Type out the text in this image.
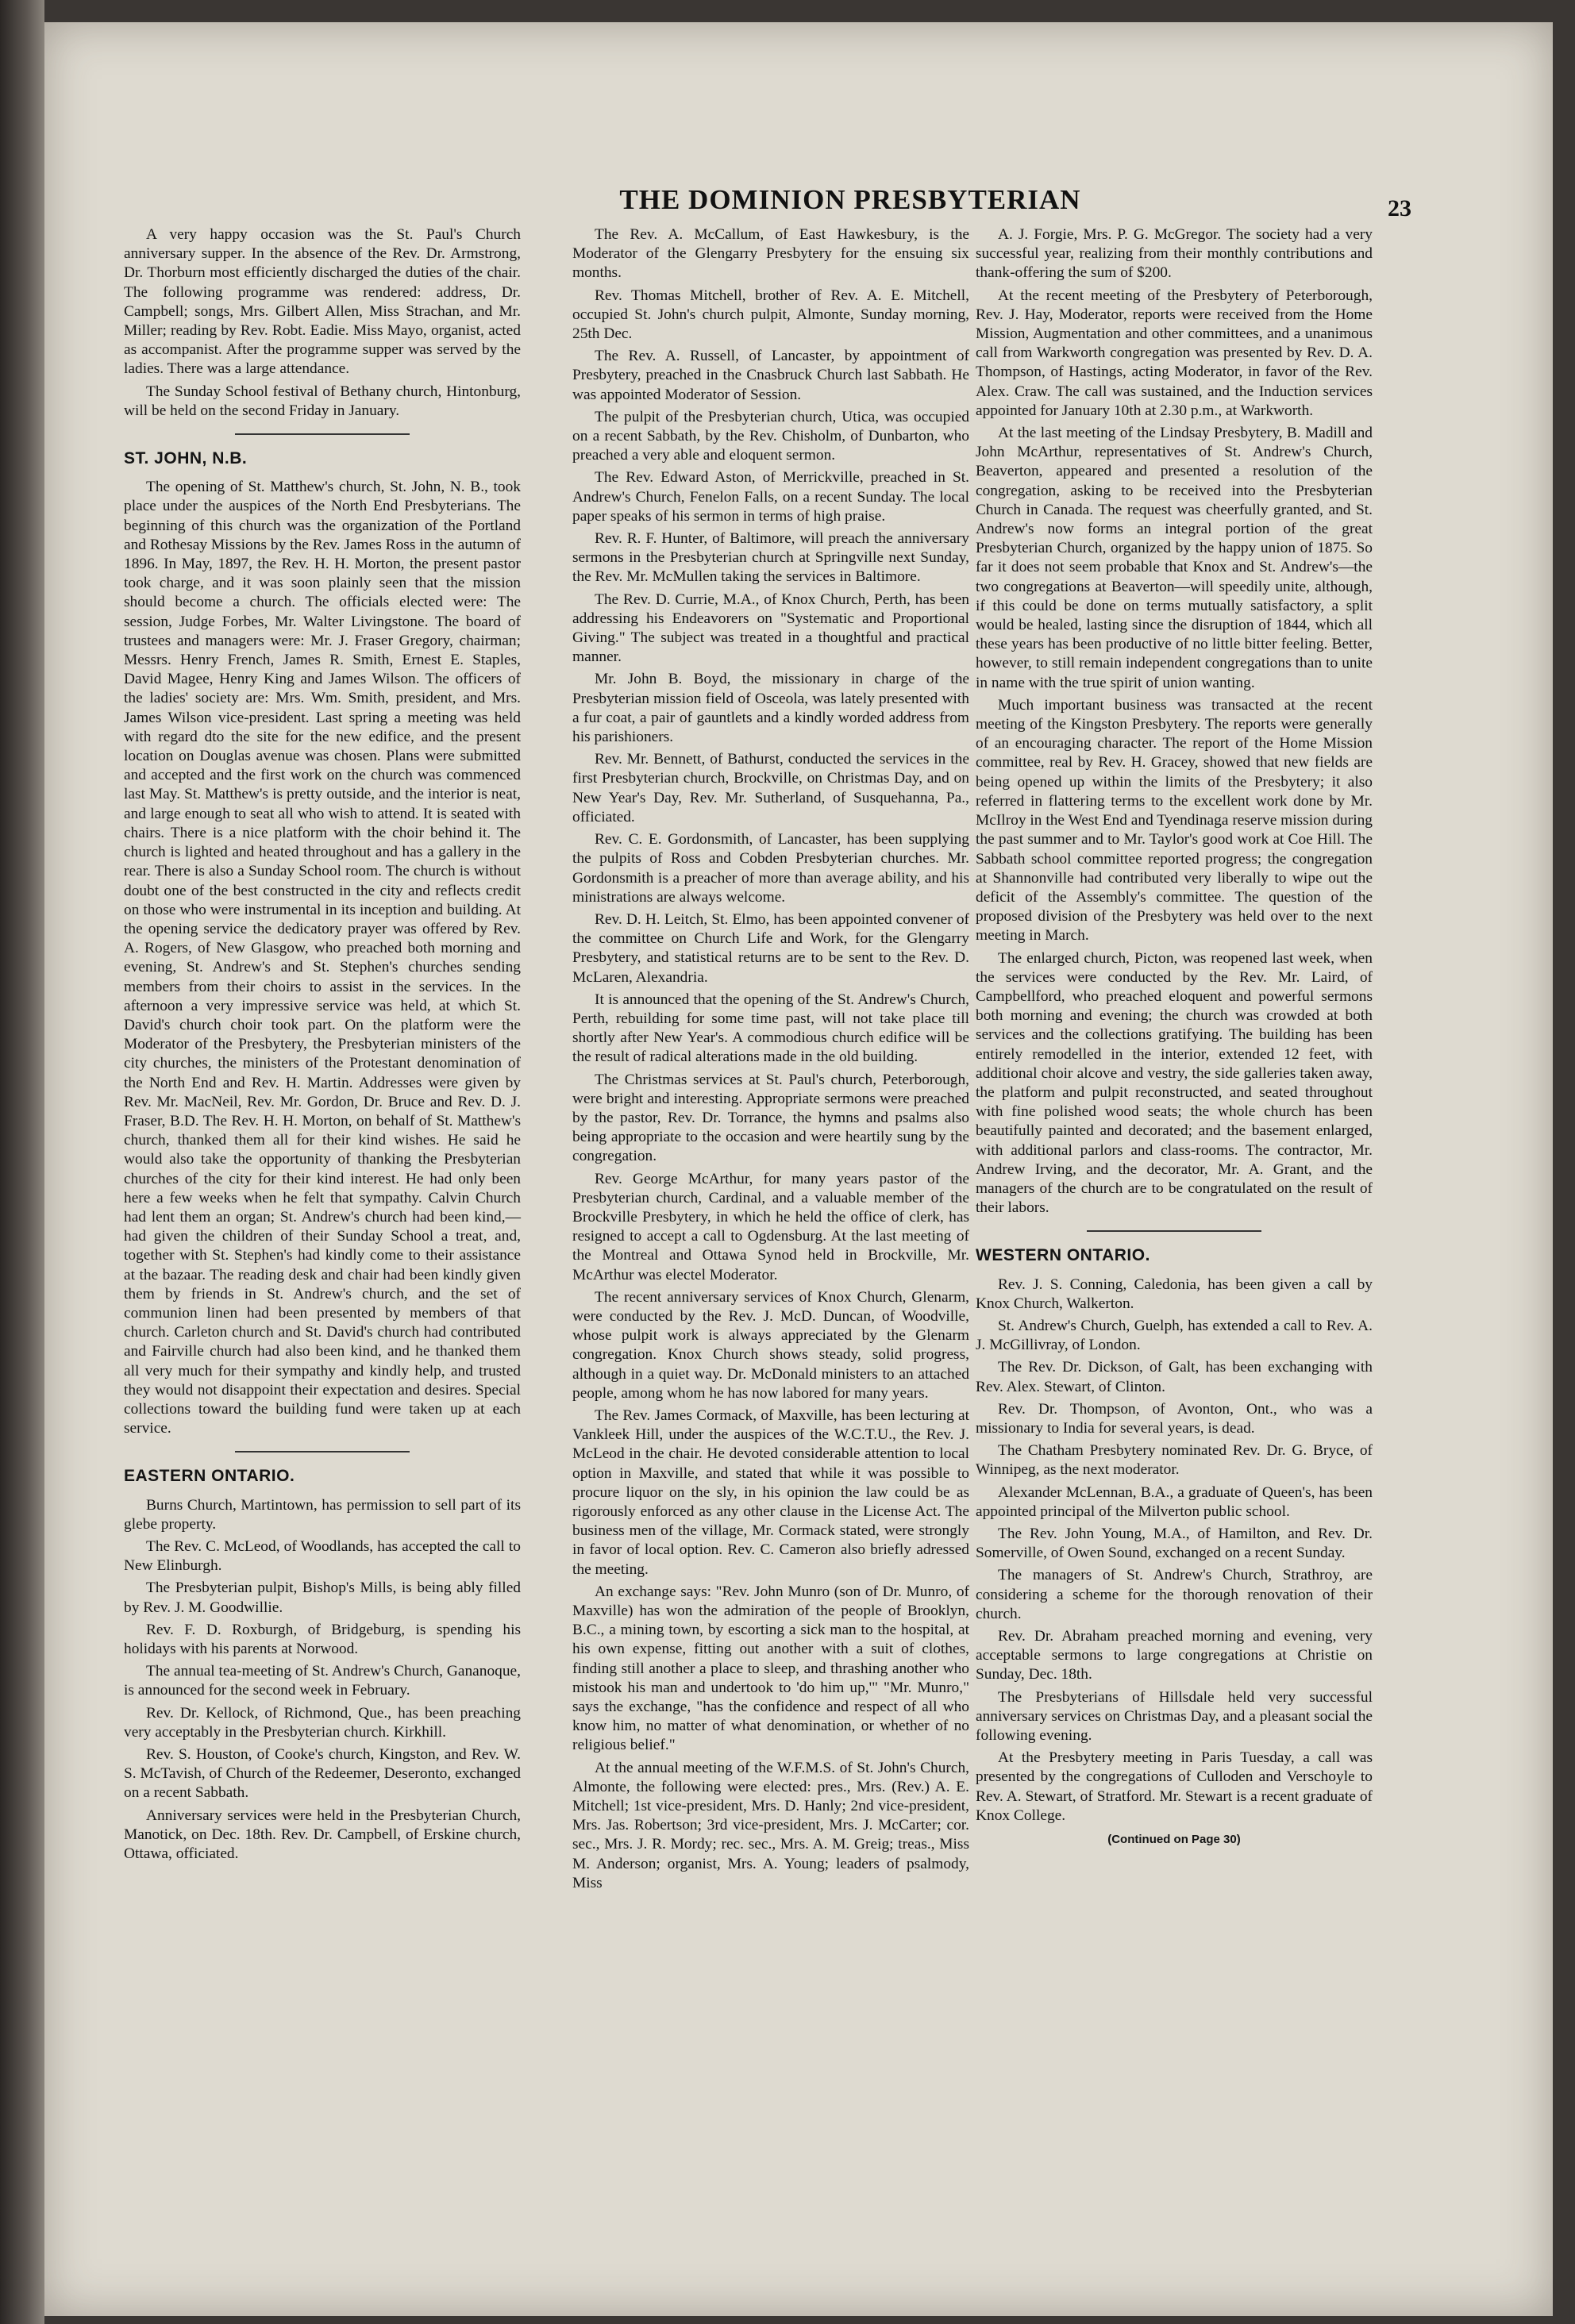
THE DOMINION PRESBYTERIAN	23

A very happy occasion was the St. Paul's Church anniversary supper. In the absence of the Rev. Dr. Armstrong, Dr. Thorburn most efficiently discharged the duties of the chair. The following programme was rendered: address, Dr. Campbell; songs, Mrs. Gilbert Allen, Miss Strachan, and Mr. Miller; reading by Rev. Robt. Eadie. Miss Mayo, organist, acted as accompanist. After the programme supper was served by the ladies. There was a large attendance.

The Sunday School festival of Bethany church, Hintonburg, will be held on the second Friday in January.

ST. JOHN, N.B.

The opening of St. Matthew's church, St. John, N. B., took place under the auspices of the North End Presbyterians. The beginning of this church was the organization of the Portland and Rothesay Missions by the Rev. James Ross in the autumn of 1896. In May, 1897, the Rev. H. H. Morton, the present pastor took charge, and it was soon plainly seen that the mission should become a church. The officials elected were: The session, Judge Forbes, Mr. Walter Livingstone. The board of trustees and managers were: Mr. J. Fraser Gregory, chairman; Messrs. Henry French, James R. Smith, Ernest E. Staples, David Magee, Henry King and James Wilson. The officers of the ladies' society are: Mrs. Wm. Smith, president, and Mrs. James Wilson vice-president. Last spring a meeting was held with regard dto the site for the new edifice, and the present location on Douglas avenue was chosen. Plans were submitted and accepted and the first work on the church was commenced last May. St. Matthew's is pretty outside, and the interior is neat, and large enough to seat all who wish to attend. It is seated with chairs. There is a nice platform with the choir behind it. The church is lighted and heated throughout and has a gallery in the rear. There is also a Sunday School room. The church is without doubt one of the best constructed in the city and reflects credit on those who were instrumental in its inception and building. At the opening service the dedicatory prayer was offered by Rev. A. Rogers, of New Glasgow, who preached both morning and evening, St. Andrew's and St. Stephen's churches sending members from their choirs to assist in the services. In the afternoon a very impressive service was held, at which St. David's church choir took part. On the platform were the Moderator of the Presbytery, the Presbyterian ministers of the city churches, the ministers of the Protestant denomination of the North End and Rev. H. Martin. Addresses were given by Rev. Mr. MacNeil, Rev. Mr. Gordon, Dr. Bruce and Rev. D. J. Fraser, B.D. The Rev. H. H. Morton, on behalf of St. Matthew's church, thanked them all for their kind wishes. He said he would also take the opportunity of thanking the Presbyterian churches of the city for their kind interest. He had only been here a few weeks when he felt that sympathy. Calvin Church had lent them an organ; St. Andrew's church had been kind,—had given the children of their Sunday School a treat, and, together with St. Stephen's had kindly come to their assistance at the bazaar. The reading desk and chair had been kindly given them by friends in St. Andrew's church, and the set of communion linen had been presented by members of that church. Carleton church and St. David's church had contributed and Fairville church had also been kind, and he thanked them all very much for their sympathy and kindly help, and trusted they would not disappoint their expectation and desires. Special collections toward the building fund were taken up at each service.

EASTERN ONTARIO.

Burns Church, Martintown, has permission to sell part of its glebe property.

The Rev. C. McLeod, of Woodlands, has accepted the call to New Elinburgh.

The Presbyterian pulpit, Bishop's Mills, is being ably filled by Rev. J. M. Goodwillie.

Rev. F. D. Roxburgh, of Bridgeburg, is spending his holidays with his parents at Norwood.

The annual tea-meeting of St. Andrew's Church, Gananoque, is announced for the second week in February.

Rev. Dr. Kellock, of Richmond, Que., has been preaching very acceptably in the Presbyterian church. Kirkhill.

Rev. S. Houston, of Cooke's church, Kingston, and Rev. W. S. McTavish, of Church of the Redeemer, Deseronto, exchanged on a recent Sabbath.

Anniversary services were held in the Presbyterian Church, Manotick, on Dec. 18th. Rev. Dr. Campbell, of Erskine church, Ottawa, officiated.

The Rev. A. McCallum, of East Hawkesbury, is the Moderator of the Glengarry Presbytery for the ensuing six months.

Rev. Thomas Mitchell, brother of Rev. A. E. Mitchell, occupied St. John's church pulpit, Almonte, Sunday morning, 25th Dec.

The Rev. A. Russell, of Lancaster, by appointment of Presbytery, preached in the Cnasbruck Church last Sabbath. He was appointed Moderator of Session.

The pulpit of the Presbyterian church, Utica, was occupied on a recent Sabbath, by the Rev. Chisholm, of Dunbarton, who preached a very able and eloquent sermon.

The Rev. Edward Aston, of Merrickville, preached in St. Andrew's Church, Fenelon Falls, on a recent Sunday. The local paper speaks of his sermon in terms of high praise.

Rev. R. F. Hunter, of Baltimore, will preach the anniversary sermons in the Presbyterian church at Springville next Sunday, the Rev. Mr. McMullen taking the services in Baltimore.

The Rev. D. Currie, M.A., of Knox Church, Perth, has been addressing his Endeavorers on "Systematic and Proportional Giving." The subject was treated in a thoughtful and practical manner.

Mr. John B. Boyd, the missionary in charge of the Presbyterian mission field of Osceola, was lately presented with a fur coat, a pair of gauntlets and a kindly worded address from his parishioners.

Rev. Mr. Bennett, of Bathurst, conducted the services in the first Presbyterian church, Brockville, on Christmas Day, and on New Year's Day, Rev. Mr. Sutherland, of Susquehanna, Pa., officiated.

Rev. C. E. Gordonsmith, of Lancaster, has been supplying the pulpits of Ross and Cobden Presbyterian churches. Mr. Gordonsmith is a preacher of more than average ability, and his ministrations are always welcome.

Rev. D. H. Leitch, St. Elmo, has been appointed convener of the committee on Church Life and Work, for the Glengarry Presbytery, and statistical returns are to be sent to the Rev. D. McLaren, Alexandria.

It is announced that the opening of the St. Andrew's Church, Perth, rebuilding for some time past, will not take place till shortly after New Year's. A commodious church edifice will be the result of radical alterations made in the old building.

The Christmas services at St. Paul's church, Peterborough, were bright and interesting. Appropriate sermons were preached by the pastor, Rev. Dr. Torrance, the hymns and psalms also being appropriate to the occasion and were heartily sung by the congregation.

Rev. George McArthur, for many years pastor of the Presbyterian church, Cardinal, and a valuable member of the Brockville Presbytery, in which he held the office of clerk, has resigned to accept a call to Ogdensburg. At the last meeting of the Montreal and Ottawa Synod held in Brockville, Mr. McArthur was electel Moderator.

The recent anniversary services of Knox Church, Glenarm, were conducted by the Rev. J. McD. Duncan, of Woodville, whose pulpit work is always appreciated by the Glenarm congregation. Knox Church shows steady, solid progress, although in a quiet way. Dr. McDonald ministers to an attached people, among whom he has now labored for many years.

The Rev. James Cormack, of Maxville, has been lecturing at Vankleek Hill, under the auspices of the W.C.T.U., the Rev. J. McLeod in the chair. He devoted considerable attention to local option in Maxville, and stated that while it was possible to procure liquor on the sly, in his opinion the law could be as rigorously enforced as any other clause in the License Act. The business men of the village, Mr. Cormack stated, were strongly in favor of local option. Rev. C. Cameron also briefly adressed the meeting.

An exchange says: "Rev. John Munro (son of Dr. Munro, of Maxville) has won the admiration of the people of Brooklyn, B.C., a mining town, by escorting a sick man to the hospital, at his own expense, fitting out another with a suit of clothes, finding still another a place to sleep, and thrashing another who mistook his man and undertook to 'do him up,'" "Mr. Munro," says the exchange, "has the confidence and respect of all who know him, no matter of what denomination, or whether of no religious belief."

At the annual meeting of the W.F.M.S. of St. John's Church, Almonte, the following were elected: pres., Mrs. (Rev.) A. E. Mitchell; 1st vice-president, Mrs. D. Hanly; 2nd vice-president, Mrs. Jas. Robertson; 3rd vice-president, Mrs. J. McCarter; cor. sec., Mrs. J. R. Mordy; rec. sec., Mrs. A. M. Greig; treas., Miss M. Anderson; organist, Mrs. A. Young; leaders of psalmody, Miss

A. J. Forgie, Mrs. P. G. McGregor. The society had a very successful year, realizing from their monthly contributions and thank-offering the sum of $200.

At the recent meeting of the Presbytery of Peterborough, Rev. J. Hay, Moderator, reports were received from the Home Mission, Augmentation and other committees, and a unanimous call from Warkworth congregation was presented by Rev. D. A. Thompson, of Hastings, acting Moderator, in favor of the Rev. Alex. Craw. The call was sustained, and the Induction services appointed for January 10th at 2.30 p.m., at Warkworth.

At the last meeting of the Lindsay Presbytery, B. Madill and John McArthur, representatives of St. Andrew's Church, Beaverton, appeared and presented a resolution of the congregation, asking to be received into the Presbyterian Church in Canada. The request was cheerfully granted, and St. Andrew's now forms an integral portion of the great Presbyterian Church, organized by the happy union of 1875. So far it does not seem probable that Knox and St. Andrew's—the two congregations at Beaverton—will speedily unite, although, if this could be done on terms mutually satisfactory, a split would be healed, lasting since the disruption of 1844, which all these years has been productive of no little bitter feeling. Better, however, to still remain independent congregations than to unite in name with the true spirit of union wanting.

Much important business was transacted at the recent meeting of the Kingston Presbytery. The reports were generally of an encouraging character. The report of the Home Mission committee, real by Rev. H. Gracey, showed that new fields are being opened up within the limits of the Presbytery; it also referred in flattering terms to the excellent work done by Mr. McIlroy in the West End and Tyendinaga reserve mission during the past summer and to Mr. Taylor's good work at Coe Hill. The Sabbath school committee reported progress; the congregation at Shannonville had contributed very liberally to wipe out the deficit of the Assembly's committee. The question of the proposed division of the Presbytery was held over to the next meeting in March.

The enlarged church, Picton, was reopened last week, when the services were conducted by the Rev. Mr. Laird, of Campbellford, who preached eloquent and powerful sermons both morning and evening; the church was crowded at both services and the collections gratifying. The building has been entirely remodelled in the interior, extended 12 feet, with additional choir alcove and vestry, the side galleries taken away, the platform and pulpit reconstructed, and seated throughout with fine polished wood seats; the whole church has been beautifully painted and decorated; and the basement enlarged, with additional parlors and class-rooms. The contractor, Mr. Andrew Irving, and the decorator, Mr. A. Grant, and the managers of the church are to be congratulated on the result of their labors.

WESTERN ONTARIO.

Rev. J. S. Conning, Caledonia, has been given a call by Knox Church, Walkerton.

St. Andrew's Church, Guelph, has extended a call to Rev. A. J. McGillivray, of London.

The Rev. Dr. Dickson, of Galt, has been exchanging with Rev. Alex. Stewart, of Clinton.

Rev. Dr. Thompson, of Avonton, Ont., who was a missionary to India for several years, is dead.

The Chatham Presbytery nominated Rev. Dr. G. Bryce, of Winnipeg, as the next moderator.

Alexander McLennan, B.A., a graduate of Queen's, has been appointed principal of the Milverton public school.

The Rev. John Young, M.A., of Hamilton, and Rev. Dr. Somerville, of Owen Sound, exchanged on a recent Sunday.

The managers of St. Andrew's Church, Strathroy, are considering a scheme for the thorough renovation of their church.

Rev. Dr. Abraham preached morning and evening, very acceptable sermons to large congregations at Christie on Sunday, Dec. 18th.

The Presbyterians of Hillsdale held very successful anniversary services on Christmas Day, and a pleasant social the following evening.

At the Presbytery meeting in Paris Tuesday, a call was presented by the congregations of Culloden and Verschoyle to Rev. A. Stewart, of Stratford. Mr. Stewart is a recent graduate of Knox College.

(Continued on Page 30)
